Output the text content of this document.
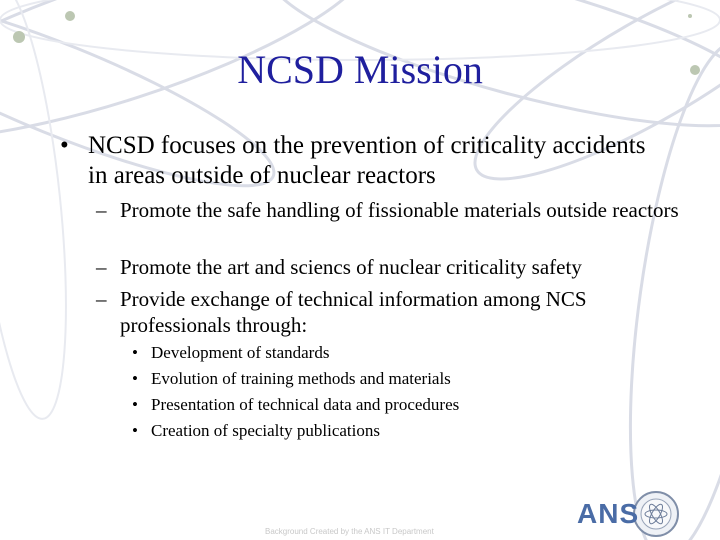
NCSD Mission
• NCSD focuses on the prevention of criticality accidents in areas outside of nuclear reactors
– Promote the safe handling of fissionable materials outside reactors
– Promote the art and sciencs of nuclear criticality safety
– Provide exchange of technical information among NCS professionals through:
• Development of standards
• Evolution of training methods and materials
• Presentation of technical data and procedures
• Creation of specialty publications
ANS
Background Created by the ANS IT Department
